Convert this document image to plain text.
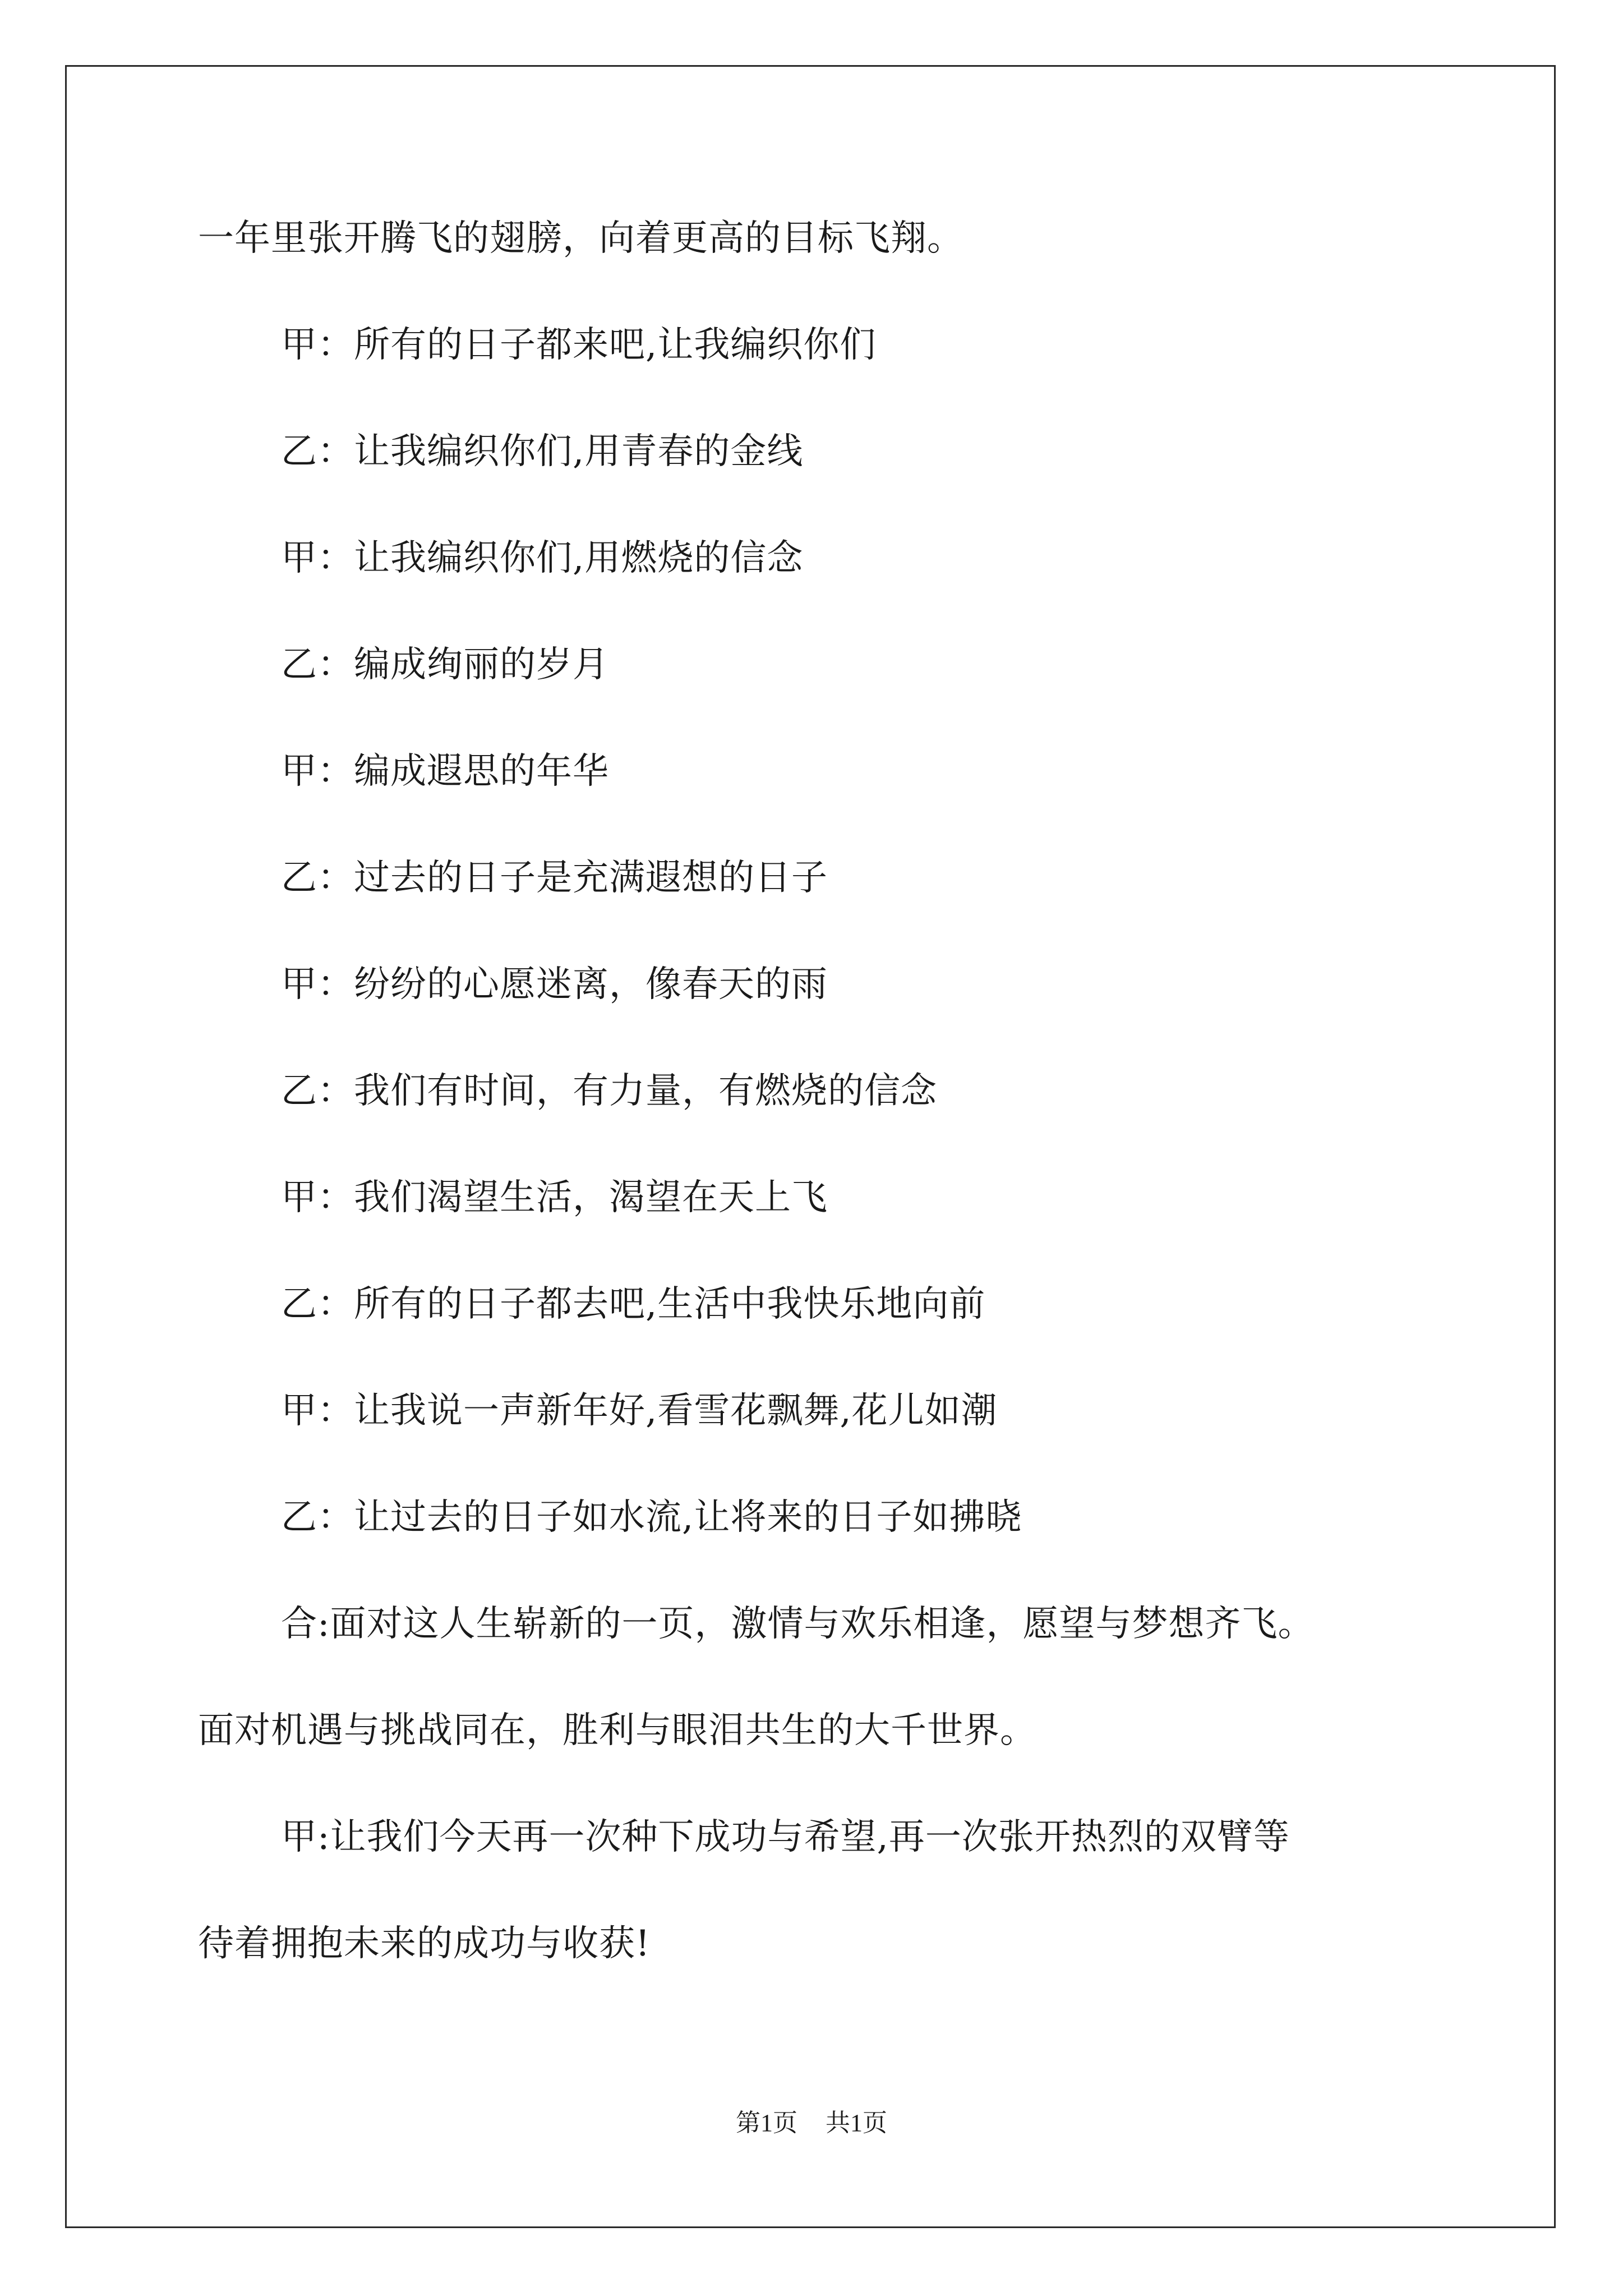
一年里张开腾飞的翅膀，向着更高的目标飞翔。

甲：所有的日子都来吧,让我编织你们

乙：让我编织你们,用青春的金线

甲：让我编织你们,用燃烧的信念

乙：编成绚丽的岁月

甲：编成遐思的年华

乙：过去的日子是充满遐想的日子

甲：纷纷的心愿迷离，像春天的雨

乙：我们有时间，有力量，有燃烧的信念

甲：我们渴望生活，渴望在天上飞

乙：所有的日子都去吧,生活中我快乐地向前

甲：让我说一声新年好,看雪花飘舞,花儿如潮

乙：让过去的日子如水流,让将来的日子如拂晓

合:面对这人生崭新的一页，激情与欢乐相逢，愿望与梦想齐飞。

面对机遇与挑战同在，胜利与眼泪共生的大千世界。

甲:让我们今天再一次种下成功与希望,再一次张开热烈的双臂等

待着拥抱未来的成功与收获!

第1页 共1页
